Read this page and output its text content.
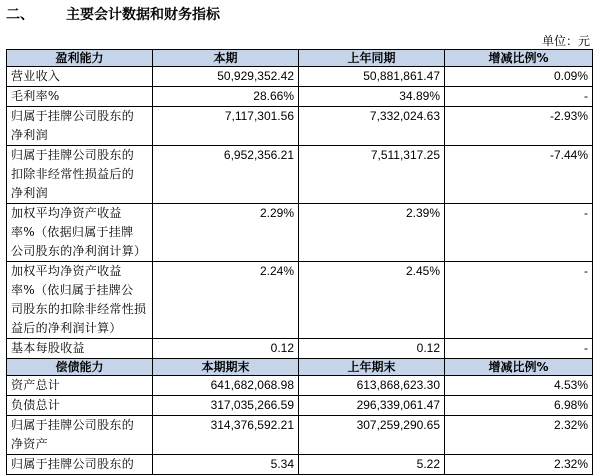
二、	主要会计数据和财务指标
单位：元
盈利能力	本期	上年同期	增减比例%

营业收入	50,929,352.42	50,881,861.47	0.09%

毛利率%	28.66%	34.89%	-

归属于挂牌公司股东的
净利润	7,117,301.56	7,332,024.63	-2.93%

归属于挂牌公司股东的
扣除非经常性损益后的
净利润	6,952,356.21	7,511,317.25	-7.44%

加权平均净资产收益
率%（依据归属于挂牌
公司股东的净利润计算）	2.29%	2.39%	-

加权平均净资产收益
率%（依归属于挂牌公
司股东的扣除非经常性损
益后的净利润计算）	2.24%	2.45%	-

基本每股收益	0.12	0.12	-
偿债能力	本期期末	上年期末	增减比例%

资产总计	641,682,068.98	613,868,623.30	4.53%

负债总计	317,035,266.59	296,339,061.47	6.98%

归属于挂牌公司股东的
净资产	314,376,592.21	307,259,290.65	2.32%

归属于挂牌公司股东的	5.34	5.22	2.32%
